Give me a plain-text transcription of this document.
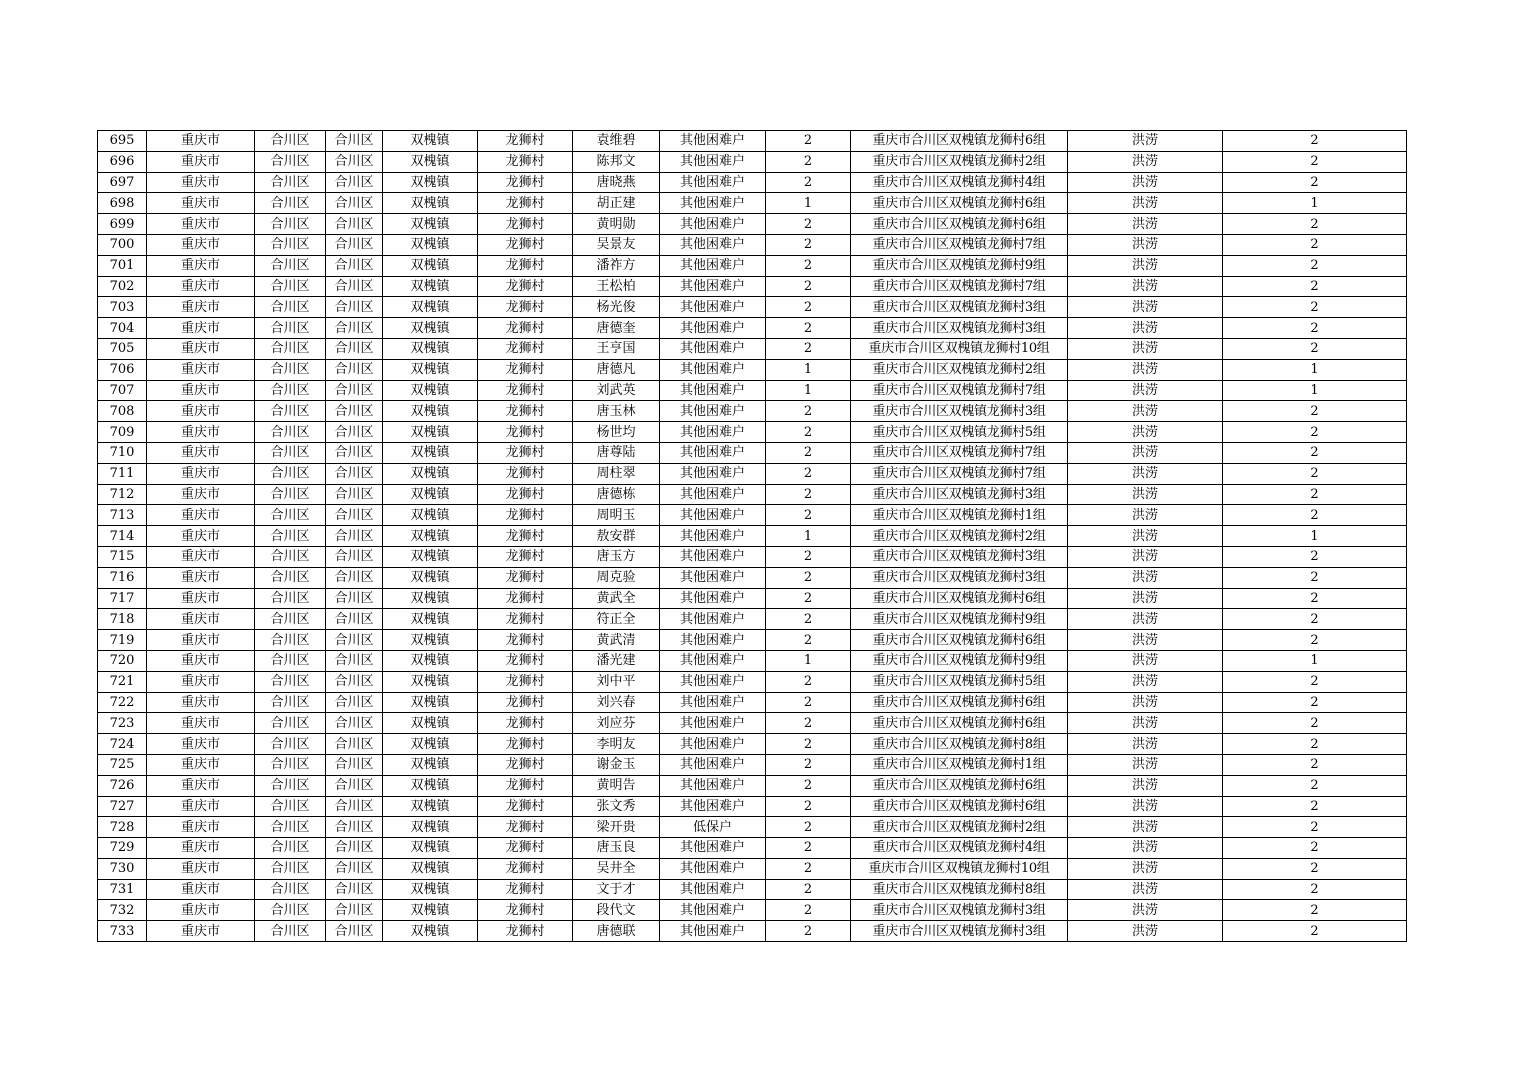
695	重庆市	合川区	合川区	双槐镇	龙狮村	袁维碧	其他困难户	2	重庆市合川区双槐镇龙狮村6组	洪涝	2
696	重庆市	合川区	合川区	双槐镇	龙狮村	陈邦文	其他困难户	2	重庆市合川区双槐镇龙狮村2组	洪涝	2
697	重庆市	合川区	合川区	双槐镇	龙狮村	唐晓燕	其他困难户	2	重庆市合川区双槐镇龙狮村4组	洪涝	2
698	重庆市	合川区	合川区	双槐镇	龙狮村	胡正建	其他困难户	1	重庆市合川区双槐镇龙狮村6组	洪涝	1
699	重庆市	合川区	合川区	双槐镇	龙狮村	黄明勋	其他困难户	2	重庆市合川区双槐镇龙狮村6组	洪涝	2
700	重庆市	合川区	合川区	双槐镇	龙狮村	吴景友	其他困难户	2	重庆市合川区双槐镇龙狮村7组	洪涝	2
701	重庆市	合川区	合川区	双槐镇	龙狮村	潘祚方	其他困难户	2	重庆市合川区双槐镇龙狮村9组	洪涝	2
702	重庆市	合川区	合川区	双槐镇	龙狮村	王松柏	其他困难户	2	重庆市合川区双槐镇龙狮村7组	洪涝	2
703	重庆市	合川区	合川区	双槐镇	龙狮村	杨光俊	其他困难户	2	重庆市合川区双槐镇龙狮村3组	洪涝	2
704	重庆市	合川区	合川区	双槐镇	龙狮村	唐德奎	其他困难户	2	重庆市合川区双槐镇龙狮村3组	洪涝	2
705	重庆市	合川区	合川区	双槐镇	龙狮村	王亨国	其他困难户	2	重庆市合川区双槐镇龙狮村10组	洪涝	2
706	重庆市	合川区	合川区	双槐镇	龙狮村	唐德凡	其他困难户	1	重庆市合川区双槐镇龙狮村2组	洪涝	1
707	重庆市	合川区	合川区	双槐镇	龙狮村	刘武英	其他困难户	1	重庆市合川区双槐镇龙狮村7组	洪涝	1
708	重庆市	合川区	合川区	双槐镇	龙狮村	唐玉林	其他困难户	2	重庆市合川区双槐镇龙狮村3组	洪涝	2
709	重庆市	合川区	合川区	双槐镇	龙狮村	杨世均	其他困难户	2	重庆市合川区双槐镇龙狮村5组	洪涝	2
710	重庆市	合川区	合川区	双槐镇	龙狮村	唐尊陆	其他困难户	2	重庆市合川区双槐镇龙狮村7组	洪涝	2
711	重庆市	合川区	合川区	双槐镇	龙狮村	周柱翠	其他困难户	2	重庆市合川区双槐镇龙狮村7组	洪涝	2
712	重庆市	合川区	合川区	双槐镇	龙狮村	唐德栋	其他困难户	2	重庆市合川区双槐镇龙狮村3组	洪涝	2
713	重庆市	合川区	合川区	双槐镇	龙狮村	周明玉	其他困难户	2	重庆市合川区双槐镇龙狮村1组	洪涝	2
714	重庆市	合川区	合川区	双槐镇	龙狮村	敖安群	其他困难户	1	重庆市合川区双槐镇龙狮村2组	洪涝	1
715	重庆市	合川区	合川区	双槐镇	龙狮村	唐玉方	其他困难户	2	重庆市合川区双槐镇龙狮村3组	洪涝	2
716	重庆市	合川区	合川区	双槐镇	龙狮村	周克验	其他困难户	2	重庆市合川区双槐镇龙狮村3组	洪涝	2
717	重庆市	合川区	合川区	双槐镇	龙狮村	黄武全	其他困难户	2	重庆市合川区双槐镇龙狮村6组	洪涝	2
718	重庆市	合川区	合川区	双槐镇	龙狮村	符正全	其他困难户	2	重庆市合川区双槐镇龙狮村9组	洪涝	2
719	重庆市	合川区	合川区	双槐镇	龙狮村	黄武清	其他困难户	2	重庆市合川区双槐镇龙狮村6组	洪涝	2
720	重庆市	合川区	合川区	双槐镇	龙狮村	潘光建	其他困难户	1	重庆市合川区双槐镇龙狮村9组	洪涝	1
721	重庆市	合川区	合川区	双槐镇	龙狮村	刘中平	其他困难户	2	重庆市合川区双槐镇龙狮村5组	洪涝	2
722	重庆市	合川区	合川区	双槐镇	龙狮村	刘兴春	其他困难户	2	重庆市合川区双槐镇龙狮村6组	洪涝	2
723	重庆市	合川区	合川区	双槐镇	龙狮村	刘应芬	其他困难户	2	重庆市合川区双槐镇龙狮村6组	洪涝	2
724	重庆市	合川区	合川区	双槐镇	龙狮村	李明友	其他困难户	2	重庆市合川区双槐镇龙狮村8组	洪涝	2
725	重庆市	合川区	合川区	双槐镇	龙狮村	谢金玉	其他困难户	2	重庆市合川区双槐镇龙狮村1组	洪涝	2
726	重庆市	合川区	合川区	双槐镇	龙狮村	黄明告	其他困难户	2	重庆市合川区双槐镇龙狮村6组	洪涝	2
727	重庆市	合川区	合川区	双槐镇	龙狮村	张文秀	其他困难户	2	重庆市合川区双槐镇龙狮村6组	洪涝	2
728	重庆市	合川区	合川区	双槐镇	龙狮村	梁开贵	低保户	2	重庆市合川区双槐镇龙狮村2组	洪涝	2
729	重庆市	合川区	合川区	双槐镇	龙狮村	唐玉良	其他困难户	2	重庆市合川区双槐镇龙狮村4组	洪涝	2
730	重庆市	合川区	合川区	双槐镇	龙狮村	吴井全	其他困难户	2	重庆市合川区双槐镇龙狮村10组	洪涝	2
731	重庆市	合川区	合川区	双槐镇	龙狮村	文于才	其他困难户	2	重庆市合川区双槐镇龙狮村8组	洪涝	2
732	重庆市	合川区	合川区	双槐镇	龙狮村	段代文	其他困难户	2	重庆市合川区双槐镇龙狮村3组	洪涝	2
733	重庆市	合川区	合川区	双槐镇	龙狮村	唐德联	其他困难户	2	重庆市合川区双槐镇龙狮村3组	洪涝	2
